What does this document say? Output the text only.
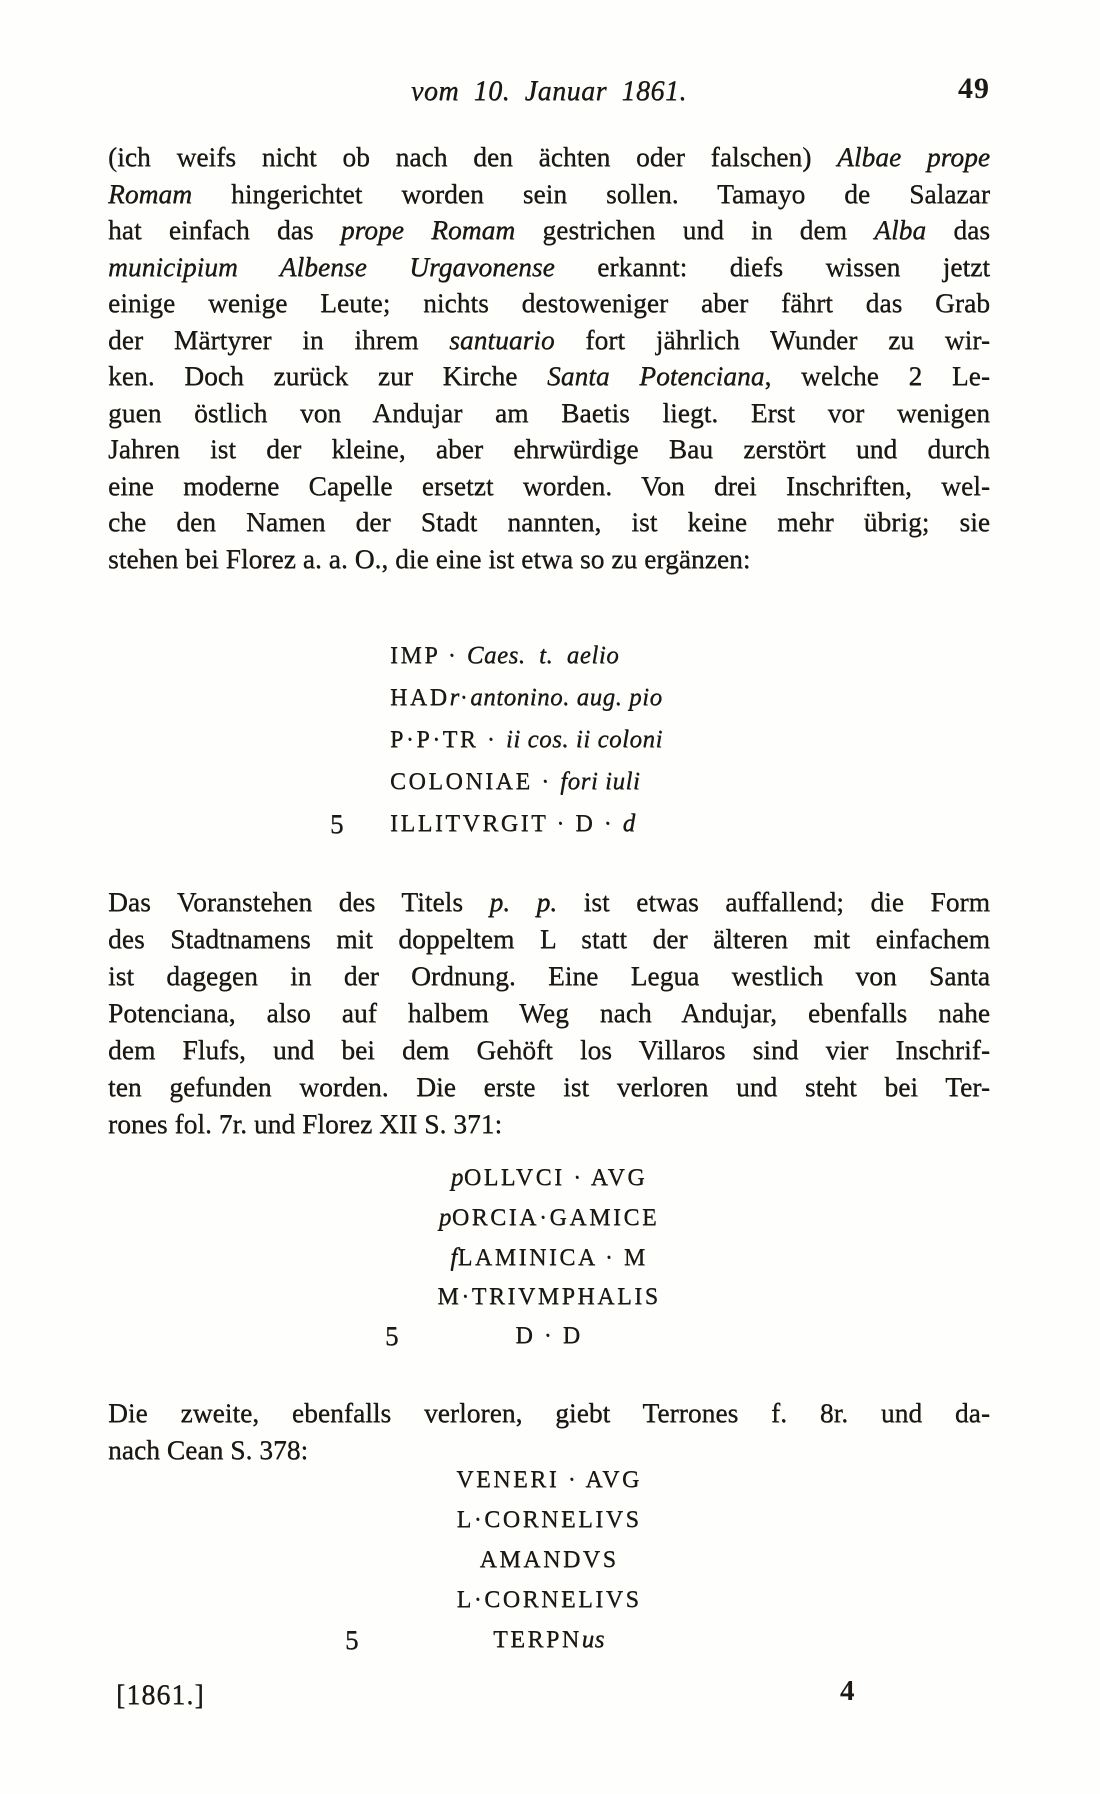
vom 10. Januar 1861.	49
(ich weifs nicht ob nach den ächten oder falschen) Albae prope
Romam hingerichtet worden sein sollen. Tamayo de Salazar
hat einfach das prope Romam gestrichen und in dem Alba das
municipium Albense Urgavonense erkannt: diefs wissen jetzt
einige wenige Leute; nichts destoweniger aber fährt das Grab
der Märtyrer in ihrem santuario fort jährlich Wunder zu wir-
ken. Doch zurück zur Kirche Santa Potenciana, welche 2 Le-
guen östlich von Andujar am Baetis liegt. Erst vor wenigen
Jahren ist der kleine, aber ehrwürdige Bau zerstört und durch
eine moderne Capelle ersetzt worden. Von drei Inschriften, wel-
che den Namen der Stadt nannten, ist keine mehr übrig; sie
stehen bei Florez a. a. O., die eine ist etwa so zu ergänzen:
5
IMP · Caes.  t.  aelio
HADr·antonino. aug. pio
P·P·TR · ii cos. ii coloni
COLONIAE · fori iuli
ILLITVRGIT · D · d
Das Voranstehen des Titels p. p. ist etwas auffallend; die Form
des Stadtnamens mit doppeltem L statt der älteren mit einfachem
ist dagegen in der Ordnung. Eine Legua westlich von Santa
Potenciana, also auf halbem Weg nach Andujar, ebenfalls nahe
dem Flufs, und bei dem Gehöft los Villaros sind vier Inschrif-
ten gefunden worden. Die erste ist verloren und steht bei Ter-
rones fol. 7r. und Florez XII S. 371:
5
pOLLVCI · AVG
pORCIA·GAMICE
fLAMINICA · M
M·TRIVMPHALIS
D · D
Die zweite, ebenfalls verloren, giebt Terrones f. 8r. und da-
nach Cean S. 378:
5
VENERI · AVG
L·CORNELIVS
AMANDVS
L·CORNELIVS
TERPNus
[1861.]	4
